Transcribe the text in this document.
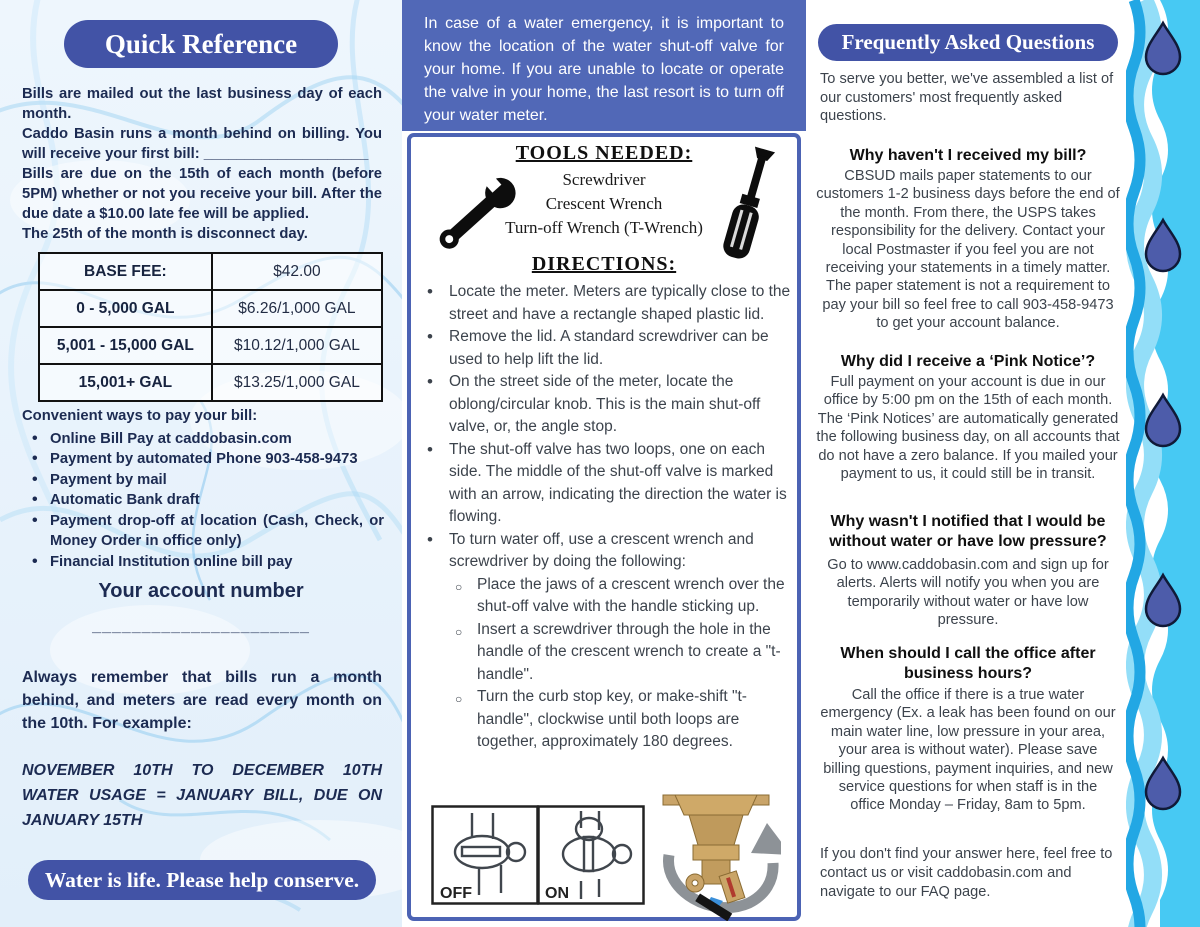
Quick Reference

Bills are mailed out the last business day of each month.

Caddo Basin runs a month behind on billing. You will receive your first bill: ____________________

Bills are due on the 15th of each month (before 5PM) whether or not you receive your bill. After the due date a $10.00 late fee will be applied.

The 25th of the month is disconnect day.

BASE FEE:	$42.00
0 - 5,000 GAL	$6.26/1,000 GAL
5,001 - 15,000 GAL	$10.12/1,000 GAL
15,001+ GAL	$13.25/1,000 GAL
Convenient ways to pay your bill:
• Online Bill Pay at caddobasin.com
• Payment by automated Phone 903-458-9473
• Payment by mail
• Automatic Bank draft
• Payment drop-off at location (Cash, Check, or Money Order in office only)
• Financial Institution online bill pay
Your account number
______________________

Always remember that bills run a month behind, and meters are read every month on the 10th. For example:

NOVEMBER 10TH TO DECEMBER 10TH WATER USAGE = JANUARY BILL, DUE ON JANUARY 15TH

Water is life. Please help conserve.
In case of a water emergency, it is important to know the location of the water shut-off valve for your home. If you are unable to locate or operate the valve in your home, the last resort is to turn off your water meter.
TOOLS NEEDED:
Screwdriver
Crescent Wrench
Turn-off Wrench (T-Wrench)
DIRECTIONS:
• Locate the meter. Meters are typically close to the street and have a rectangle shaped plastic lid.
• Remove the lid. A standard screwdriver can be used to help lift the lid.
• On the street side of the meter, locate the oblong/circular knob. This is the main shut-off valve, or, the angle stop.
• The shut-off valve has two loops, one on each side. The middle of the shut-off valve is marked with an arrow, indicating the direction the water is flowing.
• To turn water off, use a crescent wrench and screwdriver by doing the following:
○ Place the jaws of a crescent wrench over the shut-off valve with the handle sticking up.
○ Insert a screwdriver through the hole in the handle of the crescent wrench to create a "t-handle".
○ Turn the curb stop key, or make-shift "t-handle", clockwise until both loops are together, approximately 180 degrees.
OFF	ON
Frequently Asked Questions

To serve you better, we've assembled a list of our customers' most frequently asked questions.

Why haven't I received my bill?

CBSUD mails paper statements to our customers 1-2 business days before the end of the month. From there, the USPS takes responsibility for the delivery. Contact your local Postmaster if you feel you are not receiving your statements in a timely matter. The paper statement is not a requirement to pay your bill so feel free to call 903-458-9473 to get your account balance.

Why did I receive a ‘Pink Notice’?

Full payment on your account is due in our office by 5:00 pm on the 15th of each month. The ‘Pink Notices’ are automatically generated the following business day, on all accounts that do not have a zero balance. If you mailed your payment to us, it could still be in transit.

Why wasn't I notified that I would be without water or have low pressure?

Go to www.caddobasin.com and sign up for alerts. Alerts will notify you when you are temporarily without water or have low pressure.

When should I call the office after business hours?

Call the office if there is a true water emergency (Ex. a leak has been found on our main water line, low pressure in your area, your area is without water). Please save billing questions, payment inquiries, and new service questions for when staff is in the office Monday – Friday, 8am to 5pm.

If you don't find your answer here, feel free to contact us or visit caddobasin.com and navigate to our FAQ page.
